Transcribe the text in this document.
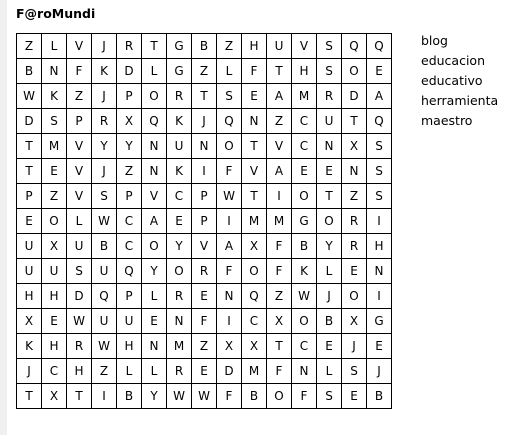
F@roMundi
Z	L	V	J	R	T	G	B	Z	H	U	V	S	Q	Q
B	N	F	K	D	L	G	Z	L	F	T	H	S	O	E
W	K	Z	J	P	O	R	T	S	E	A	M	R	D	A
D	S	P	R	X	Q	K	J	Q	N	Z	C	U	T	Q
T	M	V	Y	Y	N	U	N	O	T	V	C	N	X	S
T	E	V	J	Z	N	K	I	F	V	A	E	E	N	S
P	Z	V	S	P	V	C	P	W	T	I	O	T	Z	S
E	O	L	W	C	A	E	P	I	M	M	G	O	R	I
U	X	U	B	C	O	Y	V	A	X	F	B	Y	R	H
U	U	S	U	Q	Y	O	R	F	O	F	K	L	E	N
H	H	D	Q	P	L	R	E	N	Q	Z	W	J	O	I
X	E	W	U	U	E	N	F	I	C	X	O	B	X	G
K	H	R	W	H	N	M	Z	X	X	T	C	E	J	E
J	C	H	Z	L	L	R	E	D	M	F	N	L	S	J
T	X	T	I	B	Y	W	W	F	B	O	F	S	E	B
blog
educacion
educativo
herramienta
maestro
